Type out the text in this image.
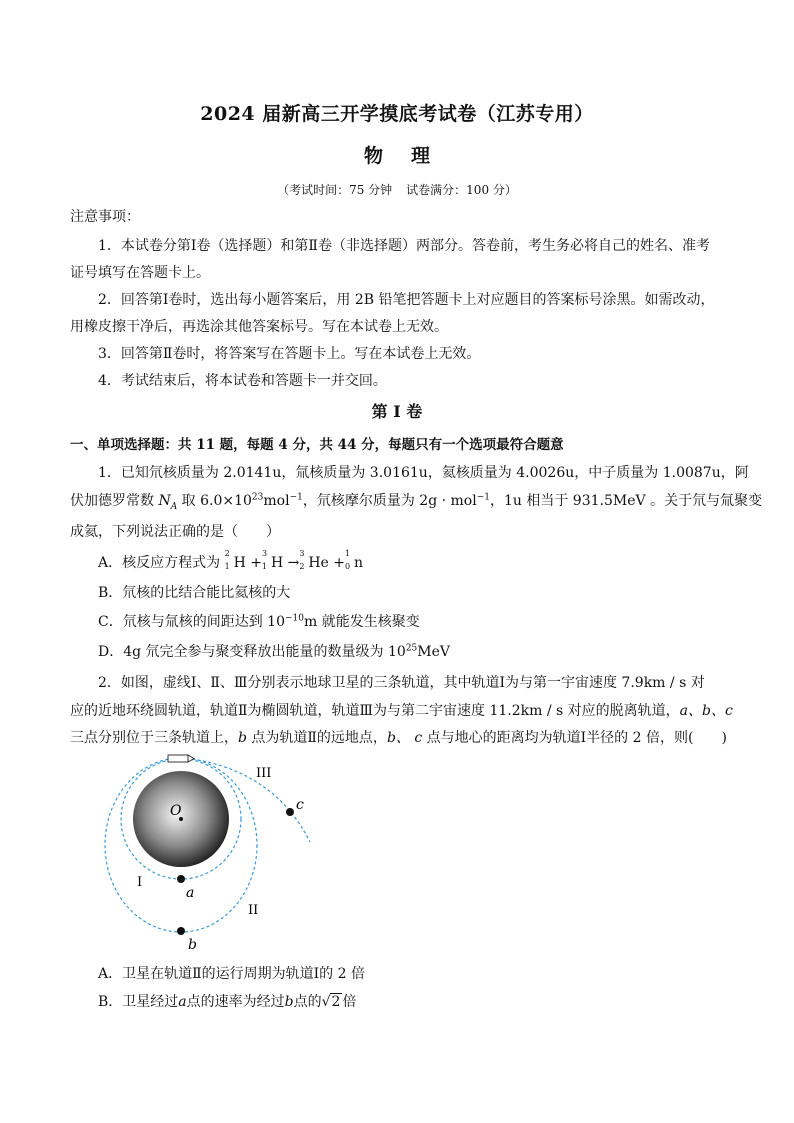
2024 届新高三开学摸底考试卷（江苏专用）
物 理
（考试时间：75 分钟 试卷满分：100 分）
注意事项：
1．本试卷分第Ⅰ卷（选择题）和第Ⅱ卷（非选择题）两部分。答卷前，考生务必将自己的姓名、准考
证号填写在答题卡上。
2．回答第Ⅰ卷时，选出每小题答案后，用 2B 铅笔把答题卡上对应题目的答案标号涂黑。如需改动，
用橡皮擦干净后，再选涂其他答案标号。写在本试卷上无效。
3．回答第Ⅱ卷时，将答案写在答题卡上。写在本试卷上无效。
4．考试结束后，将本试卷和答题卡一并交回。
第 I 卷
一、单项选择题：共 11 题，每题 4 分，共 44 分，每题只有一个选项最符合题意
1．已知氘核质量为 2.0141u，氚核质量为 3.0161u，氦核质量为 4.0026u，中子质量为 1.0087u，阿
伏加德罗常数 $N_A$ 取 $6.0\times 10^{23}mol^{-1}$，氘核摩尔质量为 2g · mol$^{-1}$，1u 相当于 931.5MeV 。关于氘与氚聚变
成氦，下列说法正确的是（　　）
A．核反应方程式为
2
1 H +
3
1 H →
3
2 He +
1
0 n
B．氘核的比结合能比氦核的大
C．氘核与氚核的间距达到 $10^{-10}m$ 就能发生核聚变
D．4g 氘完全参与聚变释放出能量的数量级为 $10^{25}MeV$
2．如图，虚线Ⅰ、Ⅱ、Ⅲ分别表示地球卫星的三条轨道，其中轨道Ⅰ为与第一宇宙速度 7.9km / s 对
应的近地环绕圆轨道，轨道Ⅱ为椭圆轨道，轨道Ⅲ为与第二宇宙速度 11.2km / s 对应的脱离轨道，a、b、c
三点分别位于三条轨道上，b 点为轨道Ⅱ的远地点，b、 c 点与地心的距离均为轨道Ⅰ半径的 2 倍，则(　　)
O
a
b
c
I
II
III
A．卫星在轨道Ⅱ的运行周期为轨道Ⅰ的 2 倍
B．卫星经过a点的速率为经过b点的√2 倍
